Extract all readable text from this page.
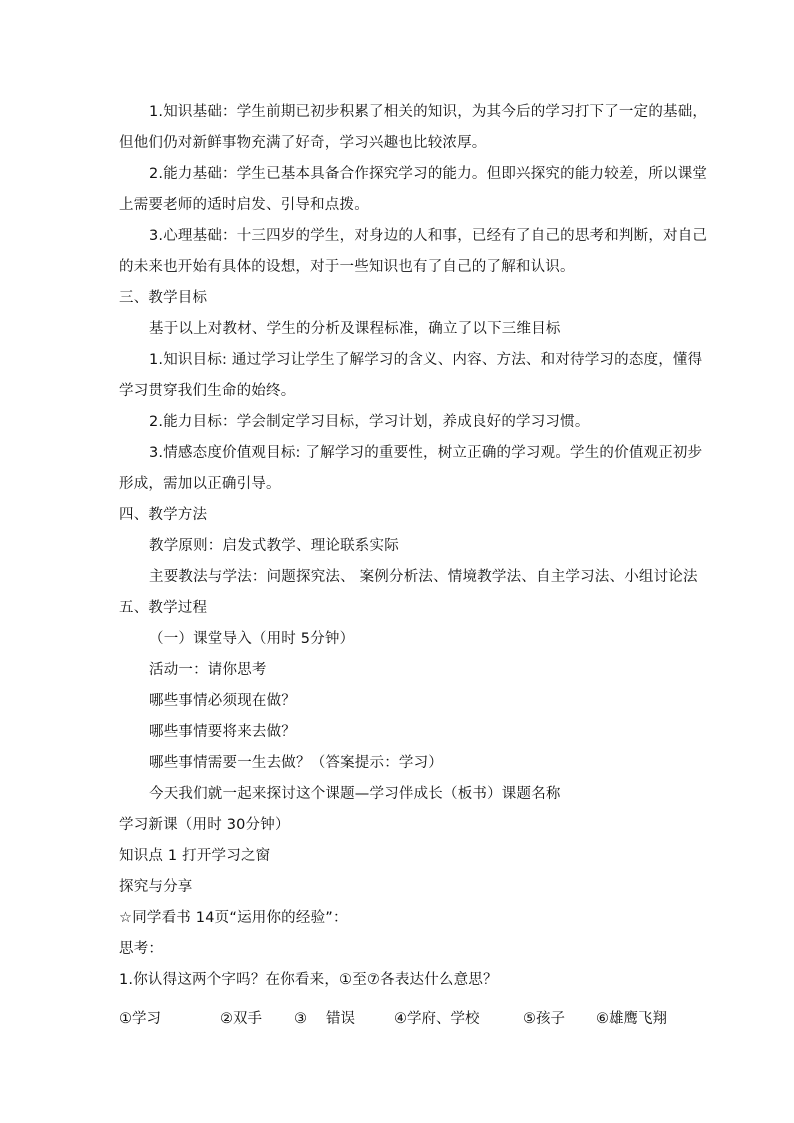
1.知识基础：学生前期已初步积累了相关的知识，为其今后的学习打下了一定的基础，
但他们仍对新鲜事物充满了好奇，学习兴趣也比较浓厚。
2.能力基础：学生已基本具备合作探究学习的能力。但即兴探究的能力较差，所以课堂
上需要老师的适时启发、引导和点拨。
3.心理基础：十三四岁的学生，对身边的人和事，已经有了自己的思考和判断，对自己
的未来也开始有具体的设想，对于一些知识也有了自己的了解和认识。
三、教学目标
基于以上对教材、学生的分析及课程标准，确立了以下三维目标
1.知识目标: 通过学习让学生了解学习的含义、内容、方法、和对待学习的态度，懂得
学习贯穿我们生命的始终。
2.能力目标：学会制定学习目标，学习计划，养成良好的学习习惯。
3.情感态度价值观目标: 了解学习的重要性，树立正确的学习观。学生的价值观正初步
形成，需加以正确引导。
四、教学方法
教学原则：启发式教学、理论联系实际
主要教法与学法：问题探究法、 案例分析法、情境教学法、自主学习法、小组讨论法
五、教学过程
（一）课堂导入（用时 5分钟）
活动一：请你思考
哪些事情必须现在做？
哪些事情要将来去做？
哪些事情需要一生去做？（答案提示：学习）
今天我们就一起来探讨这个课题—学习伴成长（板书）课题名称
学习新课（用时 30分钟）
知识点 1 打开学习之窗
探究与分享
☆同学看书 14页“运用你的经验”：
思考：
1.你认得这两个字吗？在你看来，①至⑦各表达什么意思？
①学习	②双手 ③ 错误	④学府、学校	⑤孩子 ⑥雄鹰飞翔
